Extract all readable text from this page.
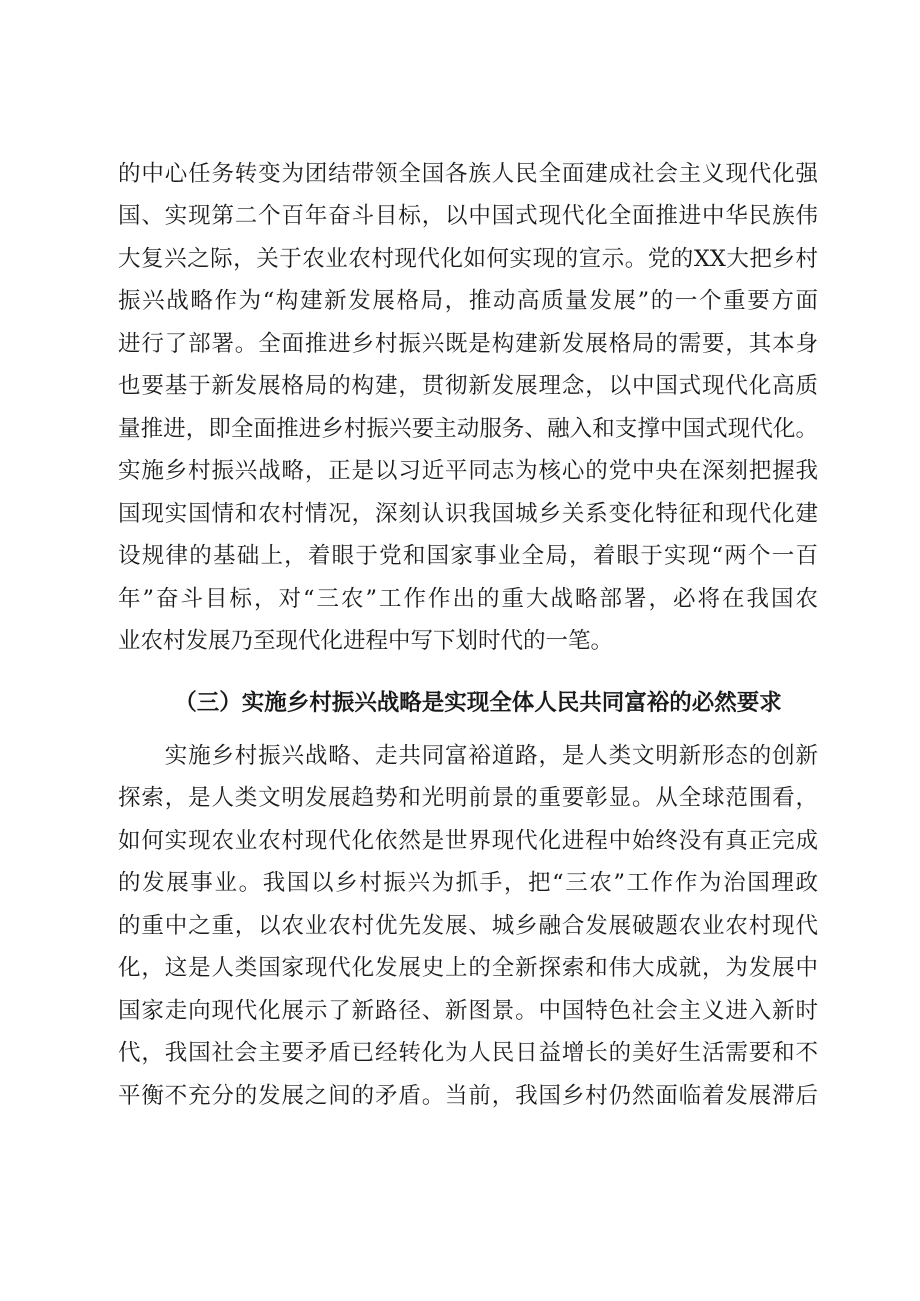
的中心任务转变为团结带领全国各族人民全面建成社会主义现代化强
国、实现第二个百年奋斗目标，以中国式现代化全面推进中华民族伟
大复兴之际，关于农业农村现代化如何实现的宣示。党的XX大把乡村
振兴战略作为“构建新发展格局，推动高质量发展”的一个重要方面
进行了部署。全面推进乡村振兴既是构建新发展格局的需要，其本身
也要基于新发展格局的构建，贯彻新发展理念，以中国式现代化高质
量推进，即全面推进乡村振兴要主动服务、融入和支撑中国式现代化。
实施乡村振兴战略，正是以习近平同志为核心的党中央在深刻把握我
国现实国情和农村情况，深刻认识我国城乡关系变化特征和现代化建
设规律的基础上，着眼于党和国家事业全局，着眼于实现“两个一百
年”奋斗目标，对“三农”工作作出的重大战略部署，必将在我国农
业农村发展乃至现代化进程中写下划时代的一笔。
（三）实施乡村振兴战略是实现全体人民共同富裕的必然要求
　　实施乡村振兴战略、走共同富裕道路，是人类文明新形态的创新
探索，是人类文明发展趋势和光明前景的重要彰显。从全球范围看，
如何实现农业农村现代化依然是世界现代化进程中始终没有真正完成
的发展事业。我国以乡村振兴为抓手，把“三农”工作作为治国理政
的重中之重，以农业农村优先发展、城乡融合发展破题农业农村现代
化，这是人类国家现代化发展史上的全新探索和伟大成就，为发展中
国家走向现代化展示了新路径、新图景。中国特色社会主义进入新时
代，我国社会主要矛盾已经转化为人民日益增长的美好生活需要和不
平衡不充分的发展之间的矛盾。当前，我国乡村仍然面临着发展滞后
